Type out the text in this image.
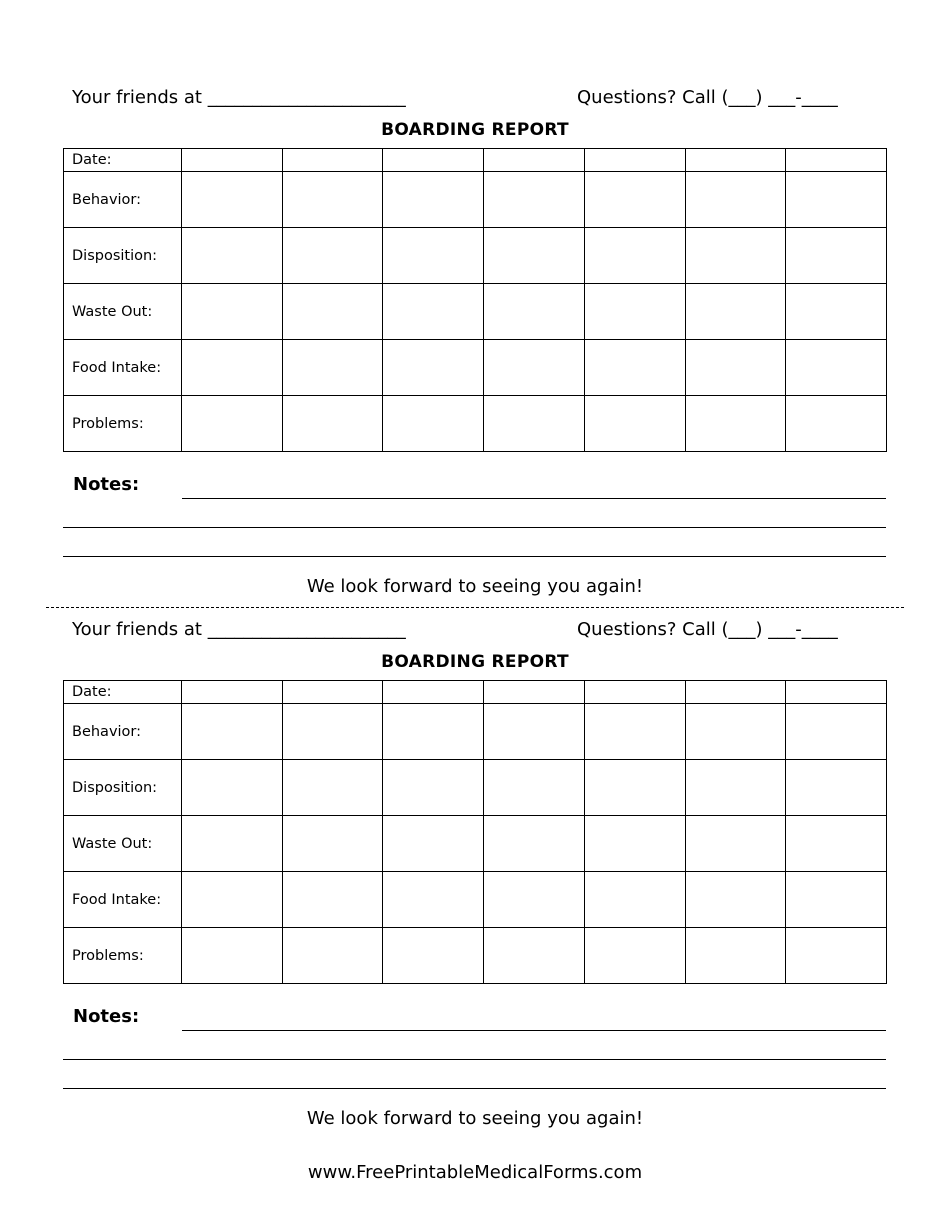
Your friends at ______________________	Questions? Call (___) ___-____
BOARDING REPORT
Date:							
Behavior:							
Disposition:							
Waste Out:							
Food Intake:							
Problems:							
Notes:
We look forward to seeing you again!
Your friends at ______________________	Questions? Call (___) ___-____
BOARDING REPORT
Date:							
Behavior:							
Disposition:							
Waste Out:							
Food Intake:							
Problems:							
Notes:
We look forward to seeing you again!
www.FreePrintableMedicalForms.com
